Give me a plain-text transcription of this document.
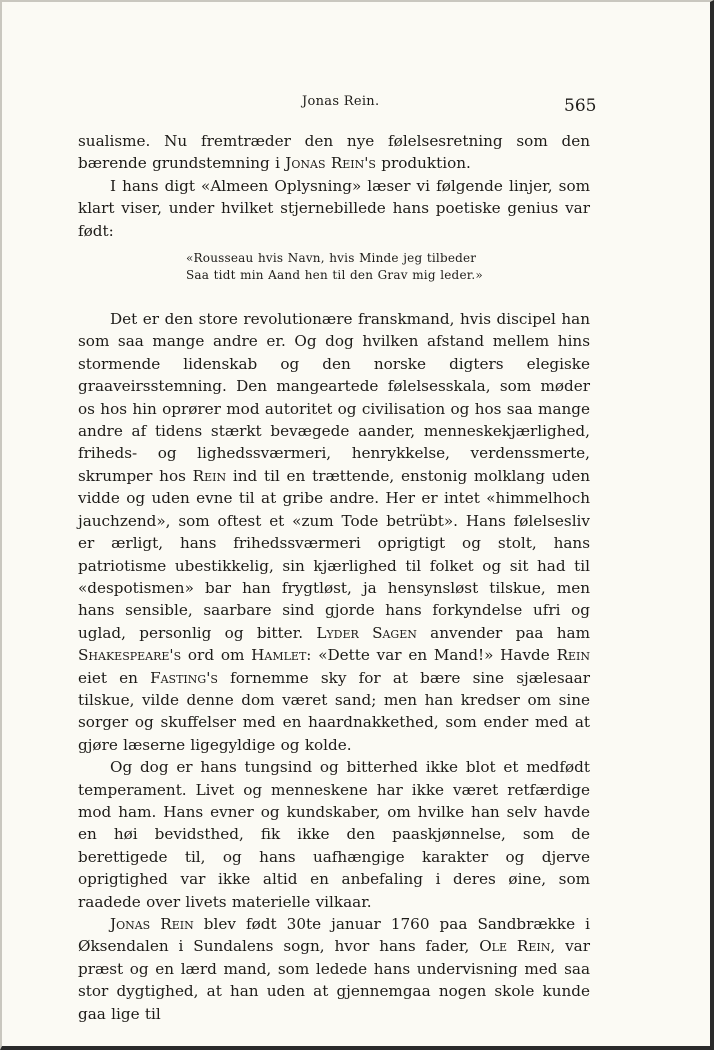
Jonas Rein.	565

sualisme. Nu fremtræder den nye følelsesretning som den bærende grundstemning i Jonas Rein's produktion.

I hans digt «Almeen Oplysning» læser vi følgende linjer, som klart viser, under hvilket stjernebillede hans poetiske genius var født:

«Rousseau hvis Navn, hvis Minde jeg tilbeder
Saa tidt min Aand hen til den Grav mig leder.»

Det er den store revolutionære franskmand, hvis discipel han som saa mange andre er. Og dog hvilken afstand mellem hins stormende lidenskab og den norske digters elegiske graaveirsstemning. Den mangeartede følelsesskala, som møder os hos hin oprører mod autoritet og civilisation og hos saa mange andre af tidens stærkt bevægede aander, menneskekjærlighed, friheds- og lighedssværmeri, henrykkelse, verdenssmerte, skrumper hos Rein ind til en trættende, enstonig molklang uden vidde og uden evne til at gribe andre. Her er intet «himmelhoch jauchzend», som oftest et «zum Tode betrübt». Hans følelsesliv er ærligt, hans frihedssværmeri oprigtigt og stolt, hans patriotisme ubestikkelig, sin kjærlighed til folket og sit had til «despotismen» bar han frygtløst, ja hensynsløst tilskue, men hans sensible, saarbare sind gjorde hans forkyndelse ufri og uglad, personlig og bitter. Lyder Sagen anvender paa ham Shakespeare's ord om Hamlet: «Dette var en Mand!» Havde Rein eiet en Fasting's fornemme sky for at bære sine sjælesaar tilskue, vilde denne dom været sand; men han kredser om sine sorger og skuffelser med en haardnakkethed, som ender med at gjøre læserne ligegyldige og kolde.

Og dog er hans tungsind og bitterhed ikke blot et medfødt temperament. Livet og menneskene har ikke været retfærdige mod ham. Hans evner og kundskaber, om hvilke han selv havde en høi bevidsthed, fik ikke den paaskjønnelse, som de berettigede til, og hans uafhængige karakter og djerve oprigtighed var ikke altid en anbefaling i deres øine, som raadede over livets materielle vilkaar.

Jonas Rein blev født 30te januar 1760 paa Sandbrække i Øksendalen i Sundalens sogn, hvor hans fader, Ole Rein, var præst og en lærd mand, som ledede hans undervisning med saa stor dygtighed, at han uden at gjennemgaa nogen skole kunde gaa lige til
